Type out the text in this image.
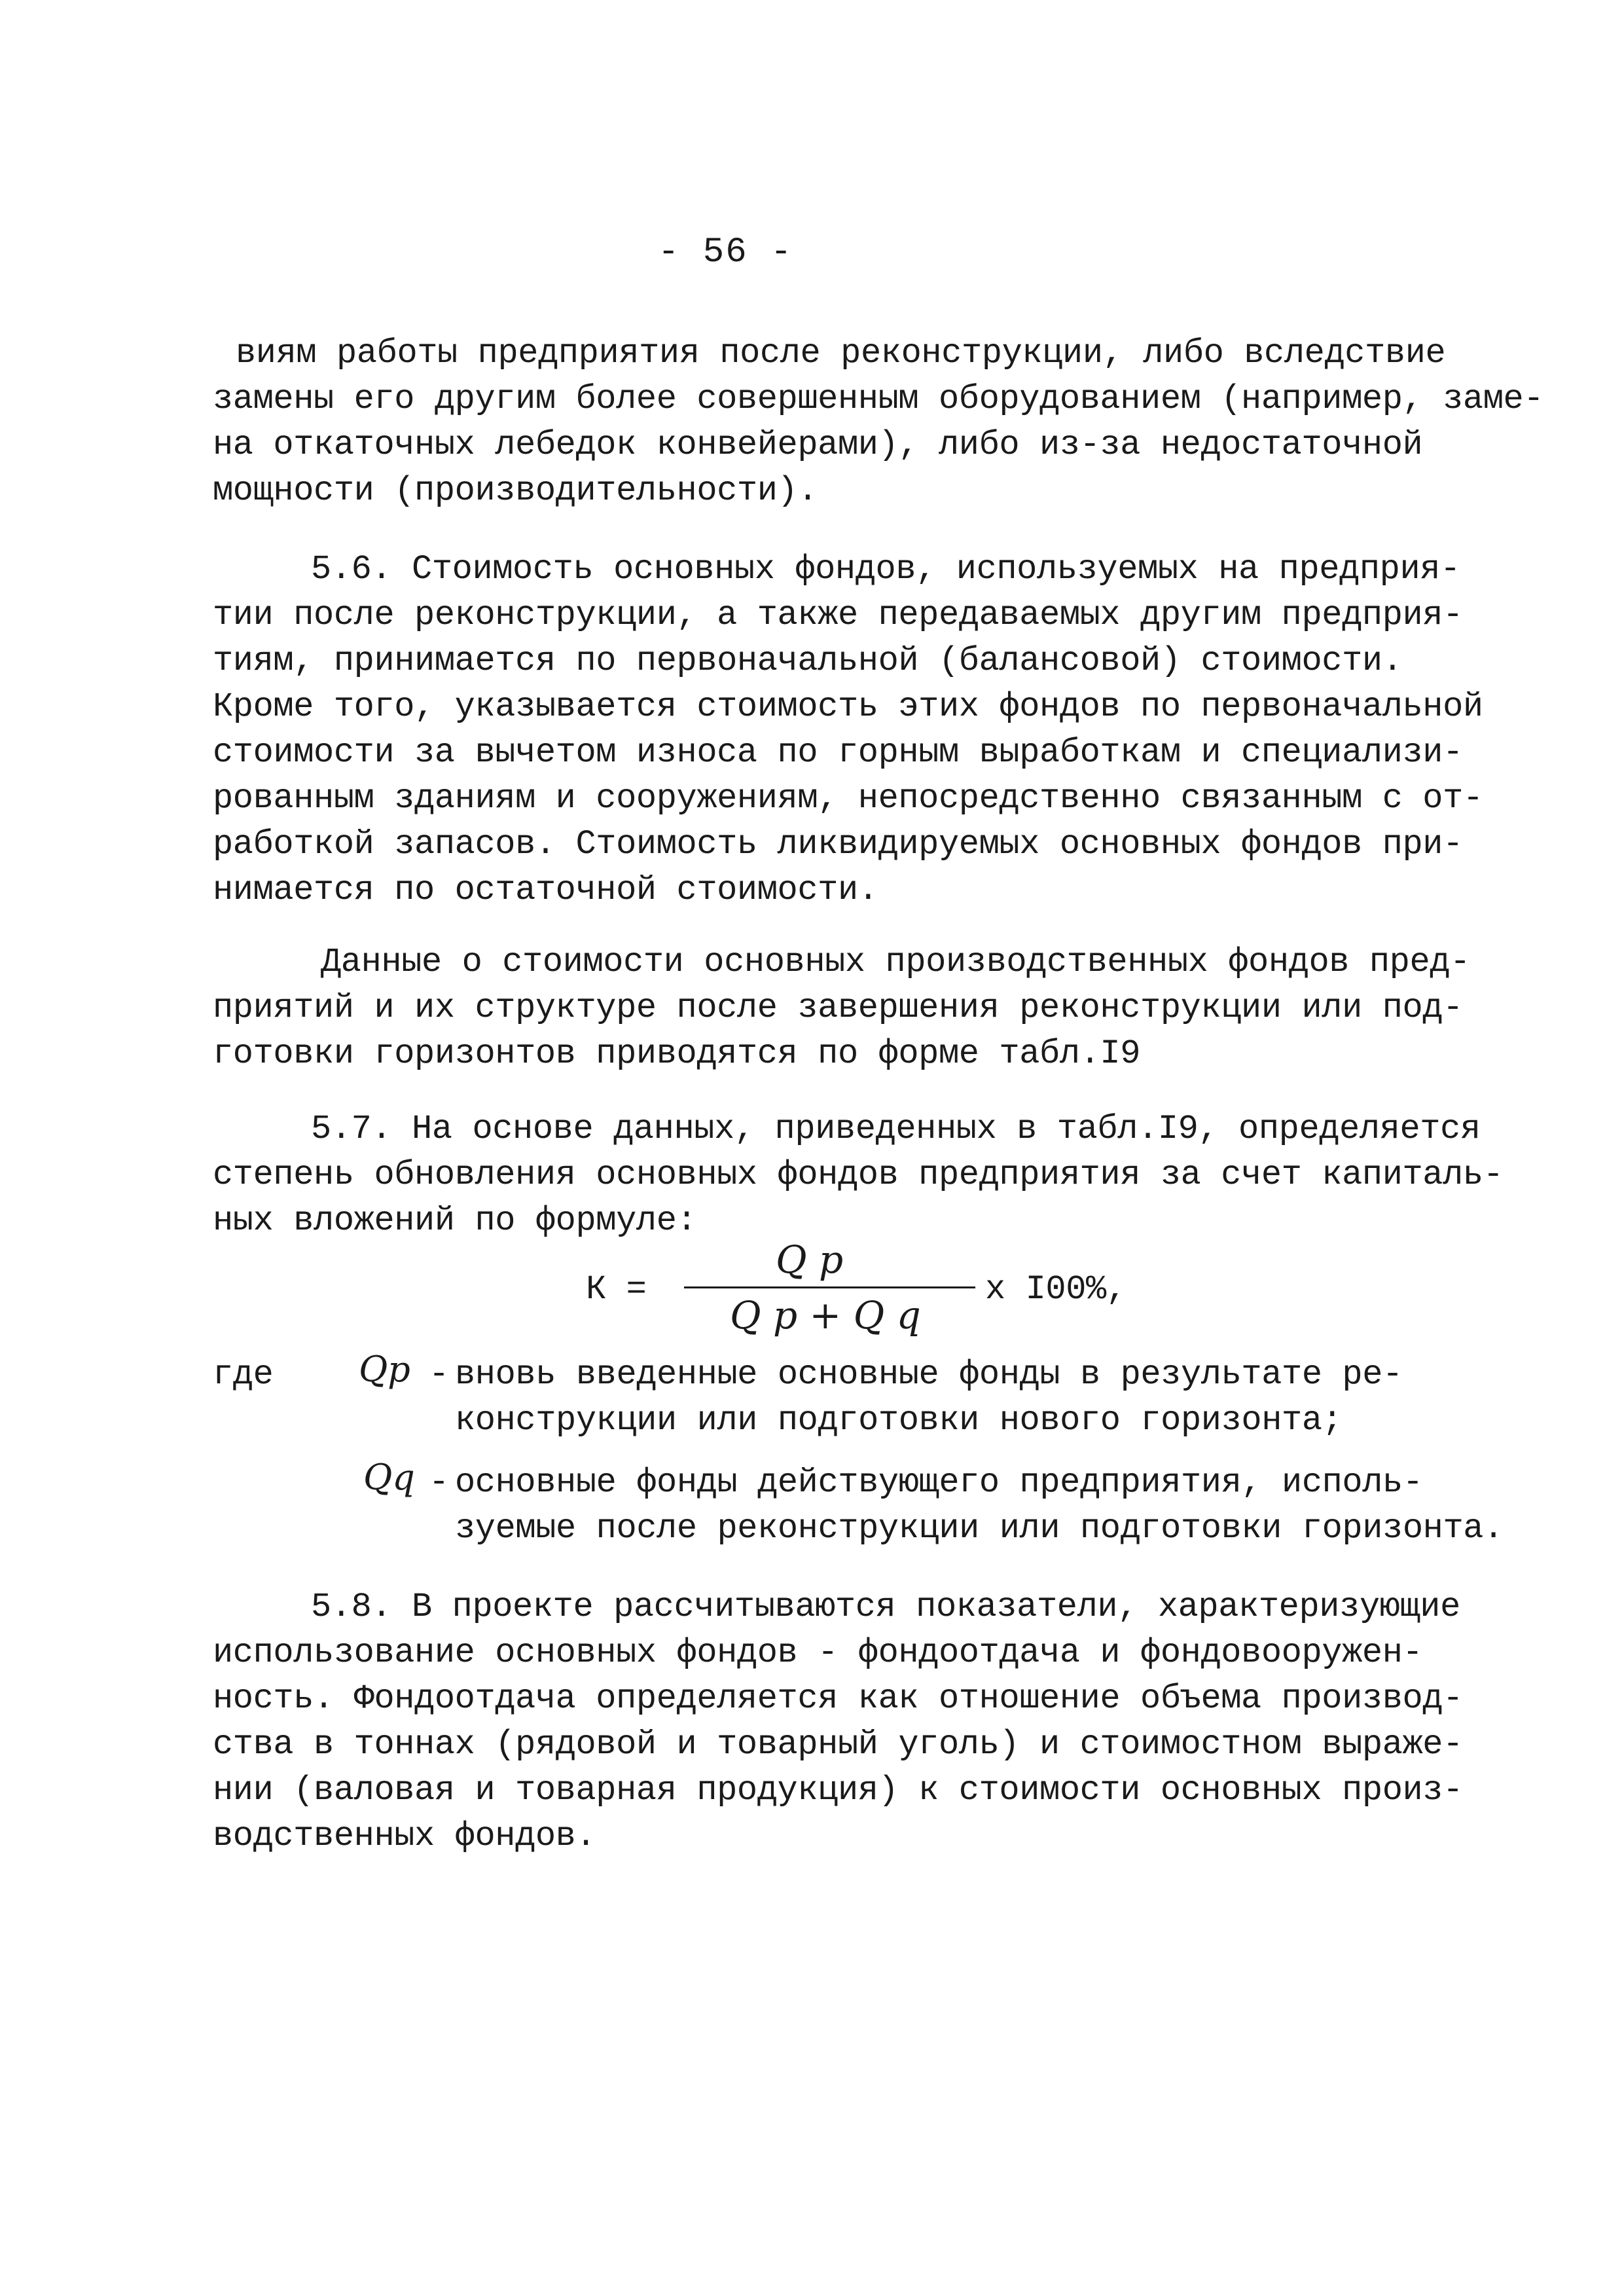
- 56 -
виям работы предприятия после реконструкции, либо вследствие
замены его другим более совершенным оборудованием (например, заме-
на откаточных лебедок конвейерами), либо из-за недостаточной
мощности (производительности).
5.6. Стоимость основных фондов, используемых на предприя-
тии после реконструкции, а также передаваемых другим предприя-
тиям, принимается по первоначальной (балансовой) стоимости.
Кроме того, указывается стоимость этих фондов по первоначальной
стоимости за вычетом износа по горным выработкам и специализи-
рованным зданиям и сооружениям, непосредственно связанным с от-
работкой запасов. Стоимость ликвидируемых основных фондов при-
нимается по остаточной стоимости.
Данные о стоимости основных производственных фондов пред-
приятий и их структуре после завершения реконструкции или под-
готовки горизонтов приводятся по форме табл.I9
5.7. На основе данных, приведенных в табл.I9, определяется
степень обновления основных фондов предприятия за счет капиталь-
ных вложений по формуле:
К =
Q p
Q p + Q q
x I00%,
где Qp - вновь введенные основные фонды в результате ре-
конструкции или подготовки нового горизонта;
Qq - основные фонды действующего предприятия, исполь-
зуемые после реконструкции или подготовки горизонта.
5.8. В проекте рассчитываются показатели, характеризующие
использование основных фондов - фондоотдача и фондовооружен-
ность. Фондоотдача определяется как отношение объема производ-
ства в тоннах (рядовой и товарный уголь) и стоимостном выраже-
нии (валовая и товарная продукция) к стоимости основных произ-
водственных фондов.
